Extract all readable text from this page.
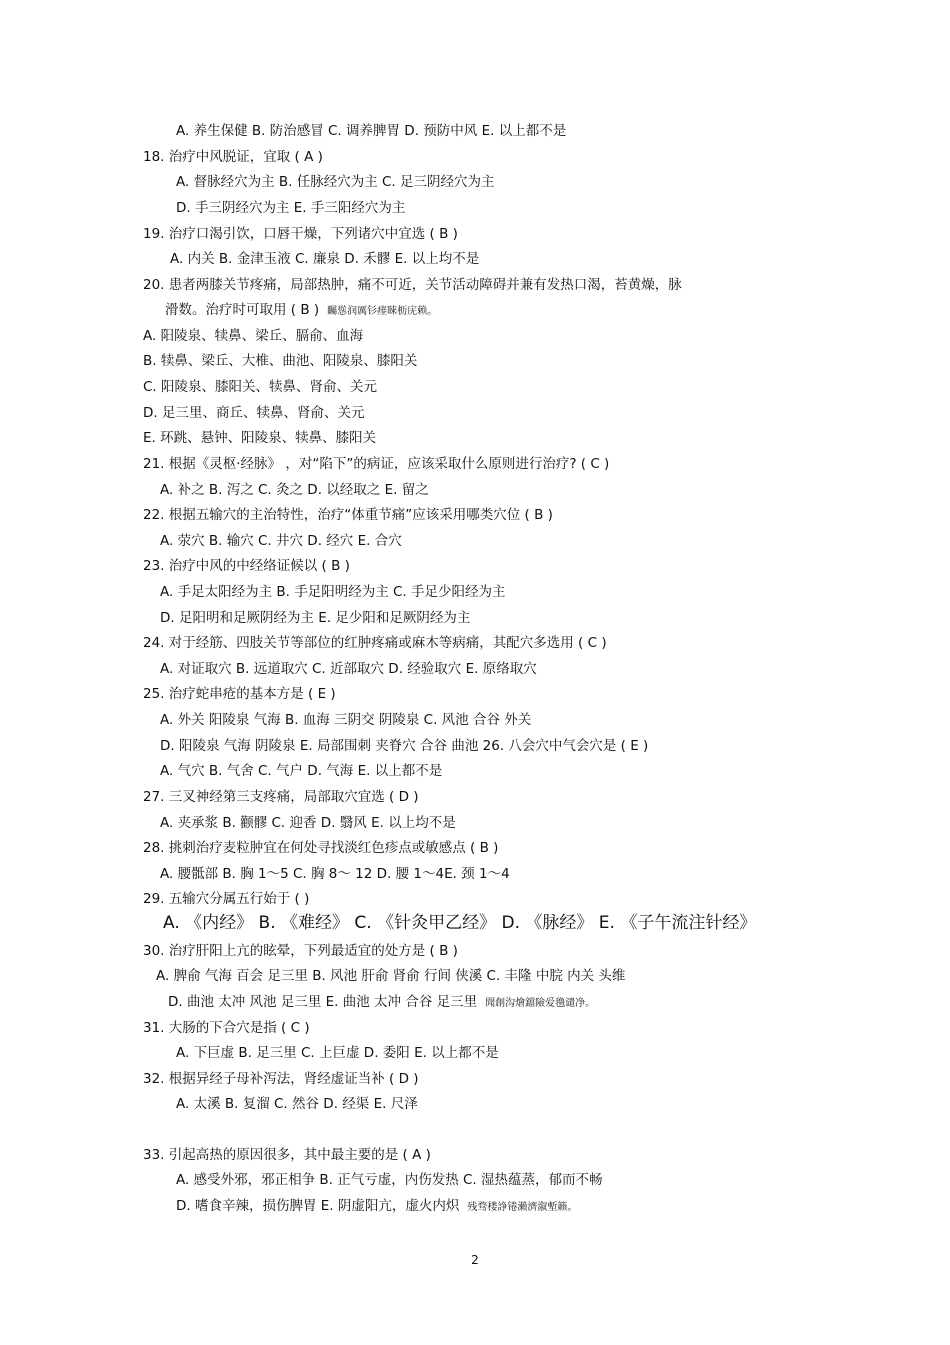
A. 养生保健 B. 防治感冒 C. 调养脾胃 D. 预防中风 E. 以上都不是
18. 治疗中风脱证，宜取 ( A )
A. 督脉经穴为主 B. 任脉经穴为主 C. 足三阴经穴为主
D. 手三阴经穴为主 E. 手三阳经穴为主
19. 治疗口渴引饮，口唇干燥，下列诸穴中宜选 ( B )
A. 内关 B. 金津玉液 C. 廉泉 D. 禾髎 E. 以上均不是
20. 患者两膝关节疼痛，局部热肿，痛不可近，关节活动障碍并兼有发热口渴，苔黄燥，脉
滑数。治疗时可取用 ( B ) 矚慫润厲钐瘗睞枥庑赖。
A. 阳陵泉、犊鼻、梁丘、膈俞、血海
B. 犊鼻、梁丘、大椎、曲池、阳陵泉、膝阳关
C. 阳陵泉、膝阳关、犊鼻、肾俞、关元
D. 足三里、商丘、犊鼻、肾俞、关元
E. 环跳、悬钟、阳陵泉、犊鼻、膝阳关
21. 根据《灵枢·经脉》 ，对“陷下”的病证，应该采取什么原则进行治疗? ( C )
A. 补之 B. 泻之 C. 灸之 D. 以经取之 E. 留之
22. 根据五输穴的主治特性，治疗“体重节痛”应该采用哪类穴位 ( B )
A. 荥穴 B. 输穴 C. 井穴 D. 经穴 E. 合穴
23. 治疗中风的中经络证候以 ( B )
A. 手足太阳经为主 B. 手足阳明经为主 C. 手足少阳经为主
D. 足阳明和足厥阴经为主 E. 足少阳和足厥阴经为主
24. 对于经筋、四肢关节等部位的红肿疼痛或麻木等病痛，其配穴多选用 ( C )
A. 对证取穴 B. 远道取穴 C. 近部取穴 D. 经验取穴 E. 原络取穴
25. 治疗蛇串疮的基本方是 ( E )
A. 外关 阳陵泉 气海 B. 血海 三阴交 阴陵泉 C. 风池 合谷 外关
D. 阳陵泉 气海 阴陵泉 E. 局部围刺 夹脊穴 合谷 曲池 26. 八会穴中气会穴是 ( E )
A. 气穴 B. 气舍 C. 气户 D. 气海 E. 以上都不是
27. 三叉神经第三支疼痛，局部取穴宜选 ( D )
A. 夹承浆 B. 颧髎 C. 迎香 D. 翳风 E. 以上均不是
28. 挑刺治疗麦粒肿宜在何处寻找淡红色疹点或敏感点 ( B )
A. 腰骶部 B. 胸 1～5 C. 胸 8～ 12 D. 腰 1～4E. 颈 1～4
29. 五输穴分属五行始于 ( )
A. 《内经》 B. 《难经》 C. 《针灸甲乙经》 D. 《脉经》 E. 《子午流注针经》
30. 治疗肝阳上亢的眩晕，下列最适宜的处方是 ( B )
A. 脾俞 气海 百会 足三里 B. 风池 肝俞 肾俞 行间 侠溪 C. 丰隆 中脘 内关 头维
D. 曲池 太冲 风池 足三里 E. 曲池 太冲 合谷 足三里 聞創沟燴鐺險爱氇谴净。
31. 大肠的下合穴是指 ( C )
A. 下巨虚 B. 足三里 C. 上巨虚 D. 委阳 E. 以上都不是
32. 根据异经子母补泻法，肾经虚证当补 ( D )
A. 太溪 B. 复溜 C. 然谷 D. 经渠 E. 尺泽
33. 引起高热的原因很多，其中最主要的是 ( A )
A. 感受外邪，邪正相争 B. 正气亏虚，内伤发热 C. 湿热蕴蒸，郁而不畅
D. 嗜食辛辣，损伤脾胃 E. 阴虚阳亢，虚火内炽 残骛楼諍锩瀨濟溆塹籟。
2
